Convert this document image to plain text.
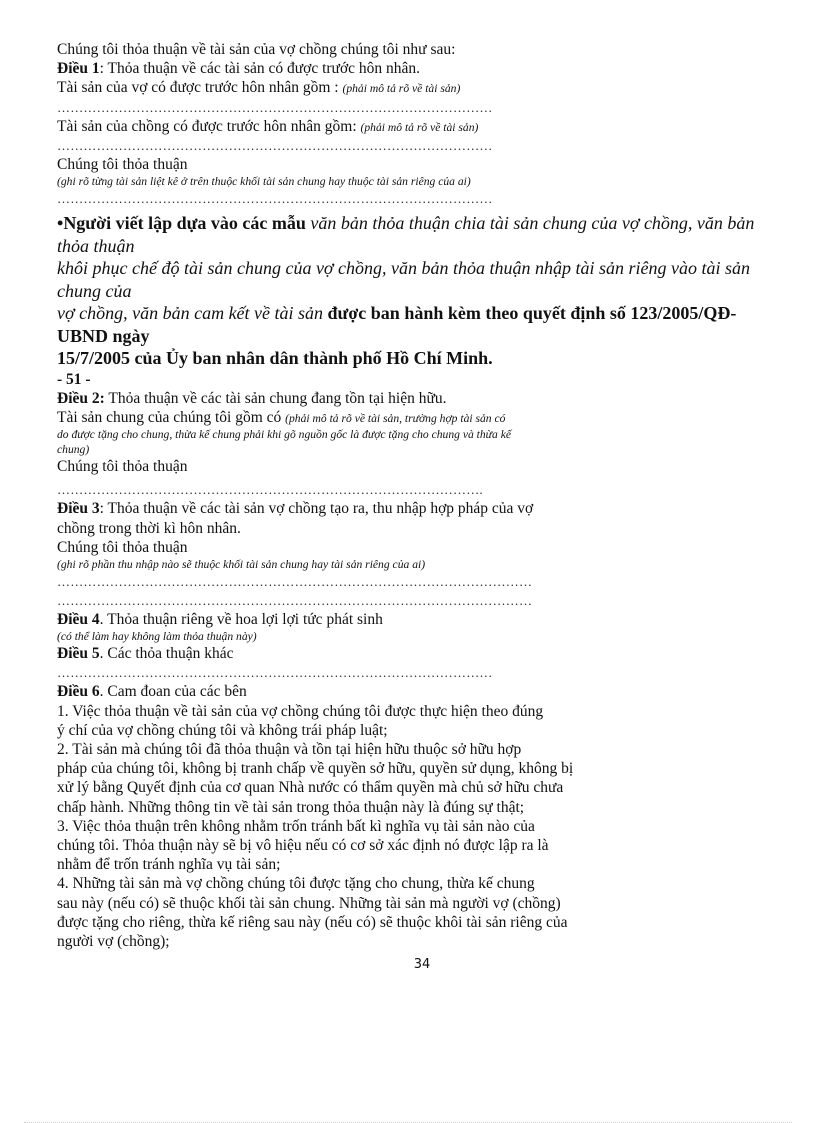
Chúng tôi thỏa thuận về tài sản của vợ chồng chúng tôi như sau:
Điều 1: Thỏa thuận về các tài sản có được trước hôn nhân.
Tài sản của vợ có được trước hôn nhân gồm : (phải mô tả rõ về tài sản)
………………………………………………………………………………………
Tài sản của chồng có được trước hôn nhân gồm: (phải mô tả rõ về tài sản)
………………………………………………………………………………………
Chúng tôi thỏa thuận
(ghi rõ từng tài sản liệt kê ở trên thuộc khối tài sản chung hay thuộc tài sản riêng của ai)
………………………………………………………………………………………
•Người viết lập dựa vào các mẫu văn bản thỏa thuận chia tài sản chung của vợ chồng, văn bản
thỏa thuận
khôi phục chế độ tài sản chung của vợ chồng, văn bản thỏa thuận nhập tài sản riêng vào tài sản
chung của
vợ chồng, văn bản cam kết về tài sản được ban hành kèm theo quyết định số 123/2005/QĐ-
UBND ngày
15/7/2005 của Ủy ban nhân dân thành phố Hồ Chí Minh.
- 51 -
Điều 2: Thỏa thuận về các tài sản chung đang tồn tại hiện hữu.
Tài sản chung của chúng tôi gồm có (phải mô tả rõ về tài sản, trường hợp tài sản có
do được tặng cho chung, thừa kế chung phải khi gõ nguồn gốc là được tặng cho chung và thừa kế
chung)
Chúng tôi thỏa thuận
…………………………………………………………………………………….
Điều 3: Thỏa thuận về các tài sản vợ chồng tạo ra, thu nhập hợp pháp của vợ
chồng trong thời kì hôn nhân.
Chúng tôi thỏa thuận
(ghi rõ phần thu nhập nào sẽ thuộc khối tài sản chung hay tài sản riêng của ai)
………………………………………………………………………………………………
………………………………………………………………………………………………
Điều 4. Thỏa thuận riêng về hoa lợi lợi tức phát sinh
(có thể làm hay không làm thỏa thuận này)
Điều 5. Các thỏa thuận khác
………………………………………………………………………………………
Điều 6. Cam đoan của các bên
1. Việc thỏa thuận về tài sản của vợ chồng chúng tôi được thực hiện theo đúng
ý chí của vợ chồng chúng tôi và không trái pháp luật;
2. Tài sản mà chúng tôi đã thỏa thuận và tồn tại hiện hữu thuộc sở hữu hợp
pháp của chúng tôi, không bị tranh chấp về quyền sở hữu, quyền sử dụng, không bị
xử lý bằng Quyết định của cơ quan Nhà nước có thẩm quyền mà chủ sở hữu chưa
chấp hành. Những thông tin về tài sản trong thỏa thuận này là đúng sự thật;
3. Việc thỏa thuận trên không nhằm trốn tránh bất kì nghĩa vụ tài sản nào của
chúng tôi. Thỏa thuận này sẽ bị vô hiệu nếu có cơ sở xác định nó được lập ra là
nhằm để trốn tránh nghĩa vụ tài sản;
4. Những tài sản mà vợ chồng chúng tôi được tặng cho chung, thừa kế chung
sau này (nếu có) sẽ thuộc khối tài sản chung. Những tài sản mà người vợ (chồng)
được tặng cho riêng, thừa kế riêng sau này (nếu có) sẽ thuộc khôi tài sản riêng của
người vợ (chồng);
34
